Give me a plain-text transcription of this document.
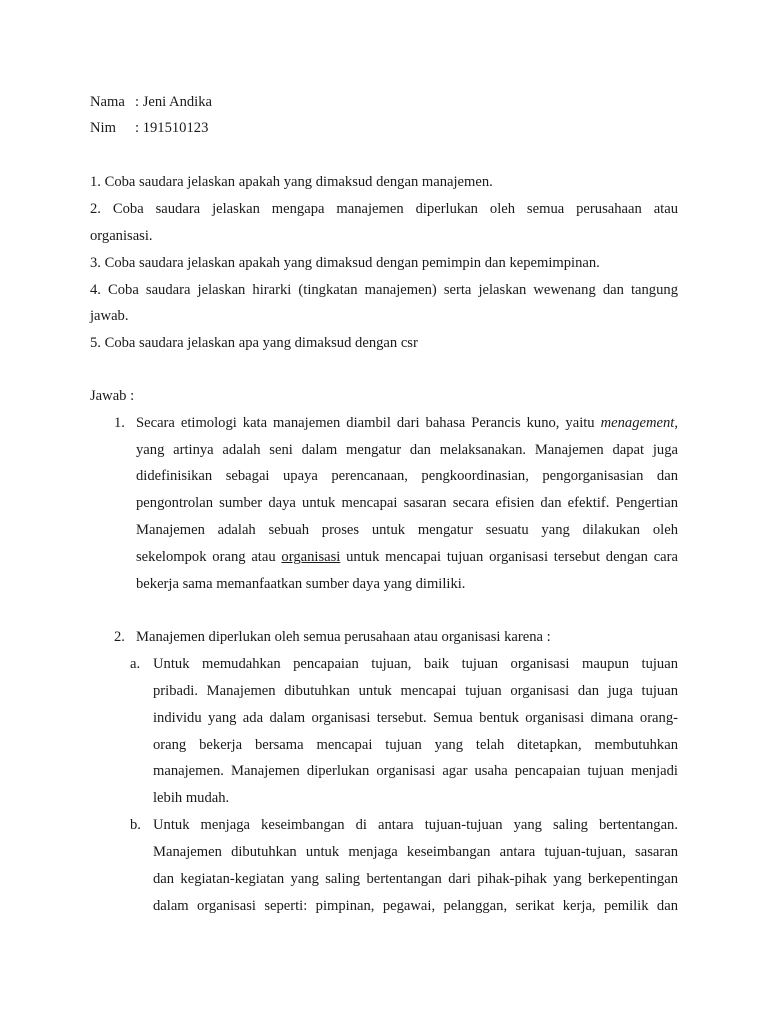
Nama : Jeni Andika
Nim : 191510123
1. Coba saudara jelaskan apakah yang dimaksud dengan manajemen.
2. Coba saudara jelaskan mengapa manajemen diperlukan oleh semua perusahaan atau
organisasi.
3. Coba saudara jelaskan apakah yang dimaksud dengan pemimpin dan kepemimpinan.
4. Coba saudara jelaskan hirarki (tingkatan manajemen) serta jelaskan wewenang dan tangung
jawab.
5. Coba saudara jelaskan apa yang dimaksud dengan csr
Jawab :
1. Secara etimologi kata manajemen diambil dari bahasa Perancis kuno, yaitu menagement,
yang artinya adalah seni dalam mengatur dan melaksanakan. Manajemen dapat juga
didefinisikan sebagai upaya perencanaan, pengkoordinasian, pengorganisasian dan
pengontrolan sumber daya untuk mencapai sasaran secara efisien dan efektif. Pengertian
Manajemen adalah sebuah proses untuk mengatur sesuatu yang dilakukan oleh
sekelompok orang atau organisasi untuk mencapai tujuan organisasi tersebut dengan cara
bekerja sama memanfaatkan sumber daya yang dimiliki.
2. Manajemen diperlukan oleh semua perusahaan atau organisasi karena :
a. Untuk memudahkan pencapaian tujuan, baik tujuan organisasi maupun tujuan
pribadi. Manajemen dibutuhkan untuk mencapai tujuan organisasi dan juga tujuan
individu yang ada dalam organisasi tersebut. Semua bentuk organisasi dimana orang-
orang bekerja bersama mencapai tujuan yang telah ditetapkan, membutuhkan
manajemen. Manajemen diperlukan organisasi agar usaha pencapaian tujuan menjadi
lebih mudah.
b. Untuk menjaga keseimbangan di antara tujuan-tujuan yang saling bertentangan.
Manajemen dibutuhkan untuk menjaga keseimbangan antara tujuan-tujuan, sasaran
dan kegiatan-kegiatan yang saling bertentangan dari pihak-pihak yang berkepentingan
dalam organisasi seperti: pimpinan, pegawai, pelanggan, serikat kerja, pemilik dan
